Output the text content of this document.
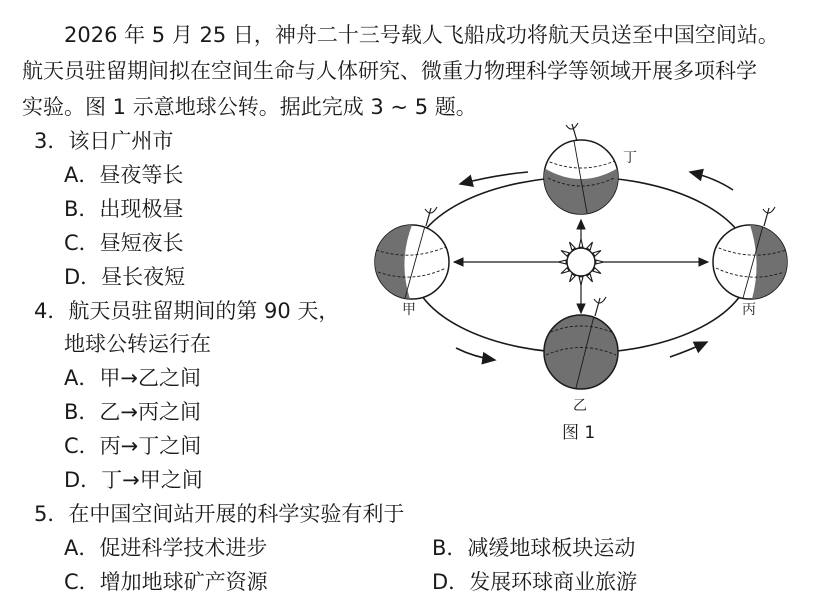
2026 年 5 月 25 日，神舟二十三号载人飞船成功将航天员送至中国空间站。
航天员驻留期间拟在空间生命与人体研究、微重力物理科学等领域开展多项科学
实验。图 1 示意地球公转。据此完成 3 ~ 5 题。
3．该日广州市
A．昼夜等长
B．出现极昼
C．昼短夜长
D．昼长夜短
4．航天员驻留期间的第 90 天，
地球公转运行在
A．甲→乙之间
B．乙→丙之间
C．丙→丁之间
D．丁→甲之间
5．在中国空间站开展的科学实验有利于
A．促进科学技术进步	B．减缓地球板块运动
C．增加地球矿产资源	D．发展环球商业旅游
丁
甲	丙
乙
图 1
